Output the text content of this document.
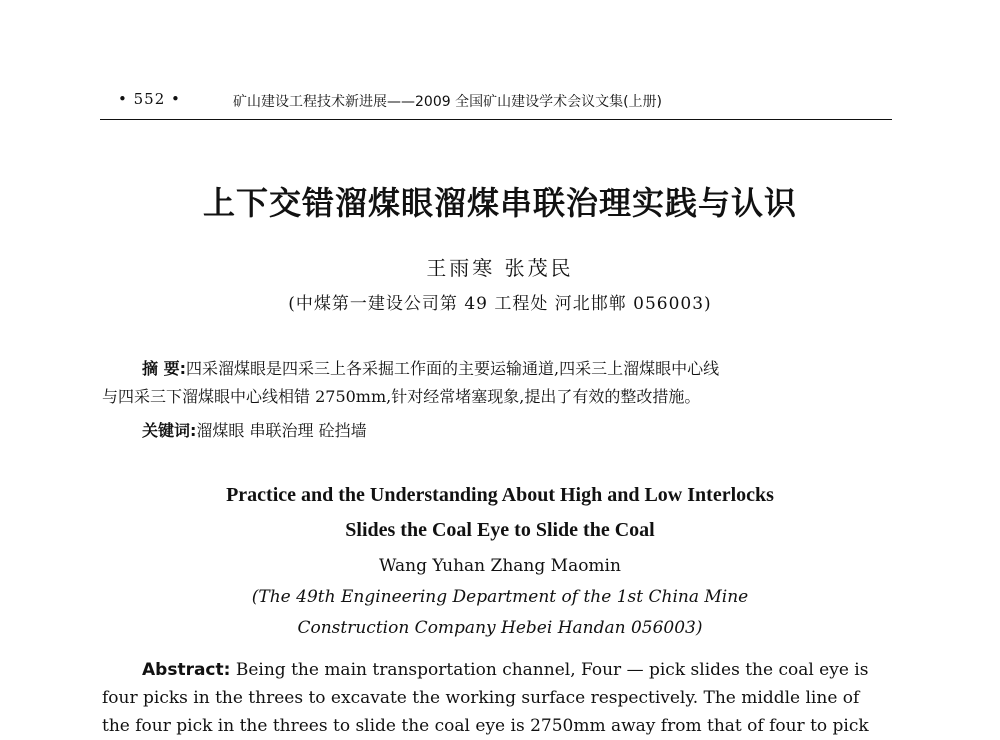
• 552 •	矿山建设工程技术新进展——2009 全国矿山建设学术会议文集(上册)
上下交错溜煤眼溜煤串联治理实践与认识
王雨寒 张茂民
(中煤第一建设公司第 49 工程处 河北邯郸 056003)
摘 要:四采溜煤眼是四采三上各采掘工作面的主要运输通道,四采三上溜煤眼中心线
与四采三下溜煤眼中心线相错 2750mm,针对经常堵塞现象,提出了有效的整改措施。
关键词:溜煤眼 串联治理 砼挡墙
Practice and the Understanding About High and Low Interlocks
Slides the Coal Eye to Slide the Coal
Wang Yuhan Zhang Maomin
(The 49th Engineering Department of the 1st China Mine
Construction Company Hebei Handan 056003)
Abstract: Being the main transportation channel, Four — pick slides the coal eye is
four picks in the threes to excavate the working surface respectively. The middle line of
the four pick in the threes to slide the coal eye is 2750mm away from that of four to pick
